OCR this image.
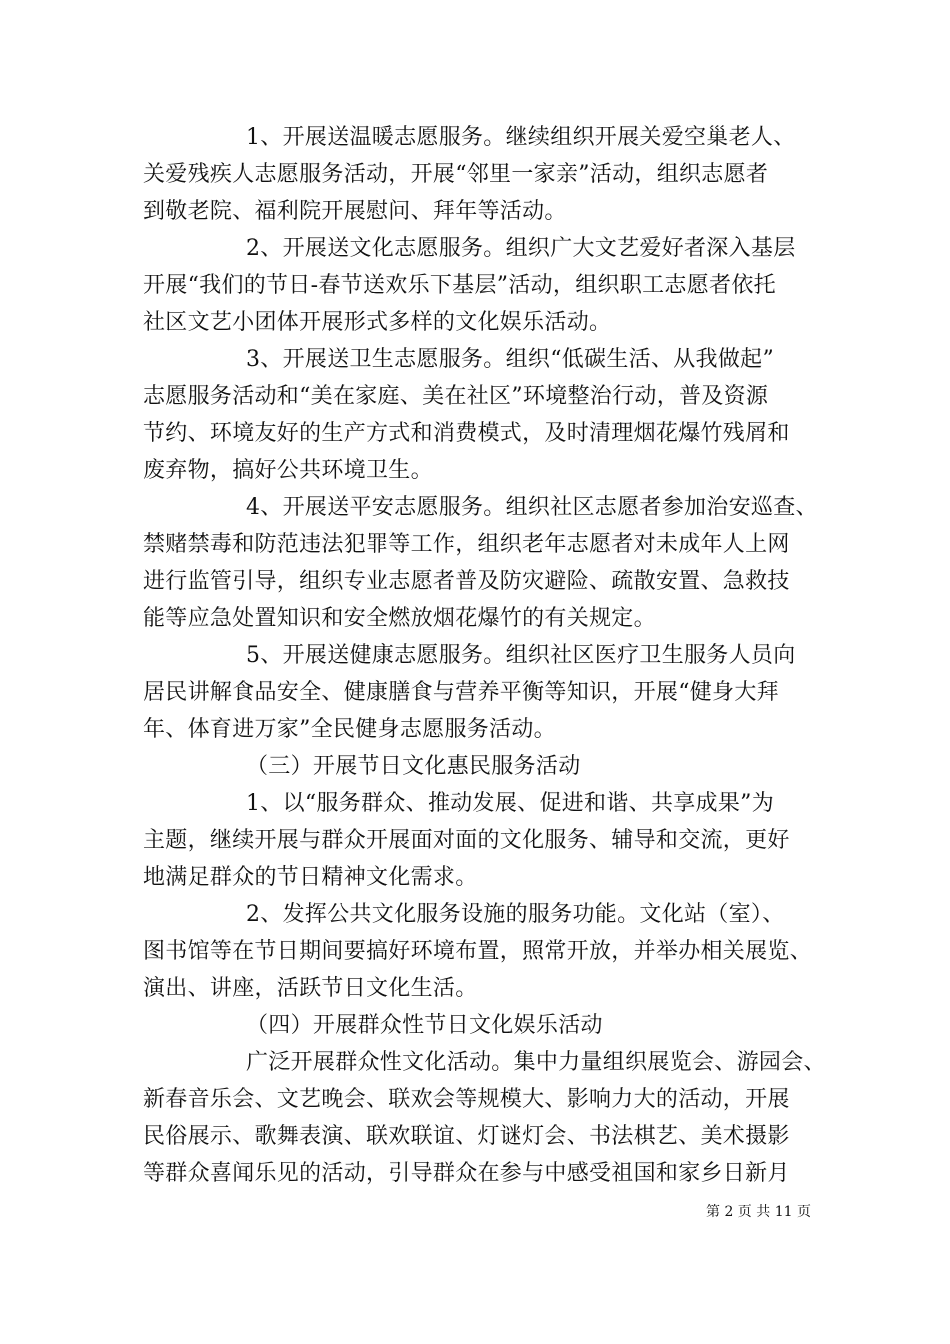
1、开展送温暖志愿服务。继续组织开展关爱空巢老人、
关爱残疾人志愿服务活动，开展“邻里一家亲”活动，组织志愿者
到敬老院、福利院开展慰问、拜年等活动。
2、开展送文化志愿服务。组织广大文艺爱好者深入基层
开展“我们的节日-春节送欢乐下基层”活动，组织职工志愿者依托
社区文艺小团体开展形式多样的文化娱乐活动。
3、开展送卫生志愿服务。组织“低碳生活、从我做起”
志愿服务活动和“美在家庭、美在社区”环境整治行动，普及资源
节约、环境友好的生产方式和消费模式，及时清理烟花爆竹残屑和
废弃物，搞好公共环境卫生。
4、开展送平安志愿服务。组织社区志愿者参加治安巡查、
禁赌禁毒和防范违法犯罪等工作，组织老年志愿者对未成年人上网
进行监管引导，组织专业志愿者普及防灾避险、疏散安置、急救技
能等应急处置知识和安全燃放烟花爆竹的有关规定。
5、开展送健康志愿服务。组织社区医疗卫生服务人员向
居民讲解食品安全、健康膳食与营养平衡等知识，开展“健身大拜
年、体育进万家”全民健身志愿服务活动。
（三）开展节日文化惠民服务活动
1、以“服务群众、推动发展、促进和谐、共享成果”为
主题，继续开展与群众开展面对面的文化服务、辅导和交流，更好
地满足群众的节日精神文化需求。
2、发挥公共文化服务设施的服务功能。文化站（室）、
图书馆等在节日期间要搞好环境布置，照常开放，并举办相关展览、
演出、讲座，活跃节日文化生活。
（四）开展群众性节日文化娱乐活动
广泛开展群众性文化活动。集中力量组织展览会、游园会、
新春音乐会、文艺晚会、联欢会等规模大、影响力大的活动，开展
民俗展示、歌舞表演、联欢联谊、灯谜灯会、书法棋艺、美术摄影
等群众喜闻乐见的活动，引导群众在参与中感受祖国和家乡日新月
第 2 页 共 11 页
